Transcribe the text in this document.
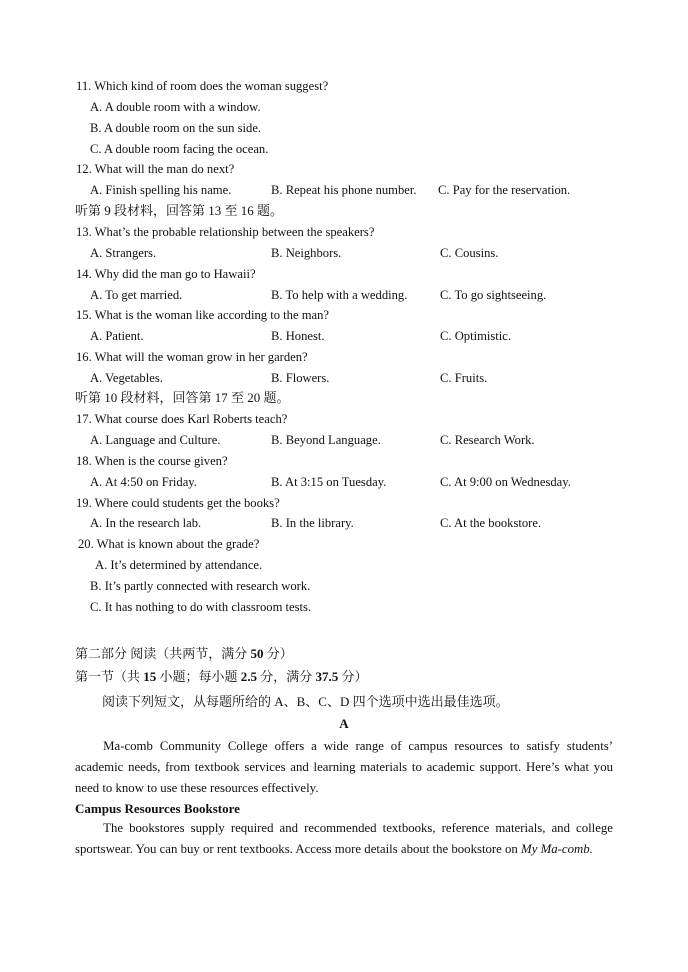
11. Which kind of room does the woman suggest?
A. A double room with a window.
B. A double room on the sun side.
C. A double room facing the ocean.
12. What will the man do next?
A. Finish spelling his name.	B. Repeat his phone number. C. Pay for the reservation.
听第 9 段材料，回答第 13 至 16 题。
13. What’s the probable relationship between the speakers?
A. Strangers.	B. Neighbors.	C. Cousins.
14. Why did the man go to Hawaii?
A. To get married.	B. To help with a wedding.	C. To go sightseeing.
15. What is the woman like according to the man?
A. Patient.	B. Honest.	C. Optimistic.
16. What will the woman grow in her garden?
A. Vegetables.	B. Flowers.	C. Fruits.
听第 10 段材料，回答第 17 至 20 题。
17. What course does Karl Roberts teach?
A. Language and Culture.	B. Beyond Language.	C. Research Work.
18. When is the course given?
A. At 4:50 on Friday.	B. At 3:15 on Tuesday.	C. At 9:00 on Wednesday.
19. Where could students get the books?
A. In the research lab.	B. In the library.	C. At the bookstore.
20. What is known about the grade?
A. It’s determined by attendance.
B. It’s partly connected with research work.
C. It has nothing to do with classroom tests.
第二部分 阅读（共两节，满分 50 分）
第一节（共 15 小题；每小题 2.5 分，满分 37.5 分）
阅读下列短文，从每题所给的 A、B、C、D 四个选项中选出最佳选项。
A
Ma-comb Community College offers a wide range of campus resources to satisfy students’ academic needs, from textbook services and learning materials to academic support. Here’s what you need to know to use these resources effectively.
Campus Resources Bookstore
The bookstores supply required and recommended textbooks, reference materials, and college sportswear. You can buy or rent textbooks. Access more details about the bookstore on My Ma-comb.
